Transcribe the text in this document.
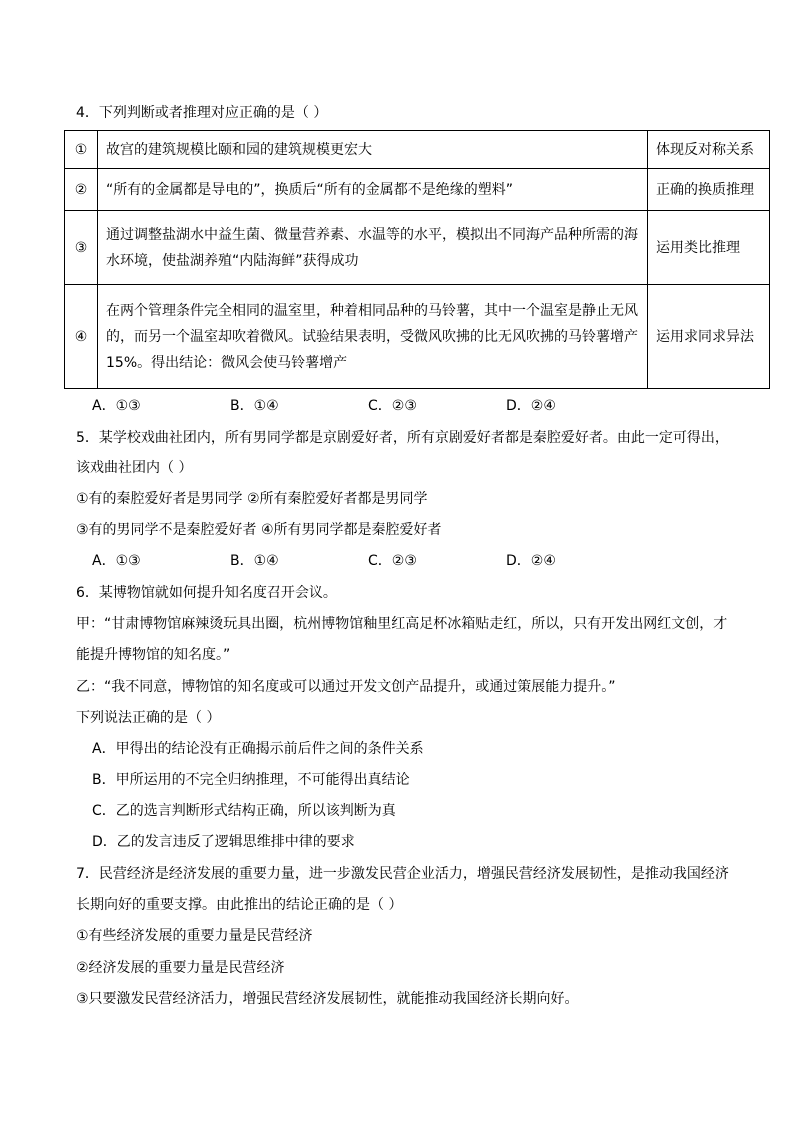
4．下列判断或者推理对应正确的是（ ）
①	故宫的建筑规模比颐和园的建筑规模更宏大	体现反对称关系
②	“所有的金属都是导电的”，换质后“所有的金属都不是绝缘的塑料”	正确的换质推理
③	通过调整盐湖水中益生菌、微量营养素、水温等的水平，模拟出不同海产品种所需的海水环境，使盐湖养殖“内陆海鲜”获得成功	运用类比推理
④	在两个管理条件完全相同的温室里，种着相同品种的马铃薯，其中一个温室是静止无风的，而另一个温室却吹着微风。试验结果表明，受微风吹拂的比无风吹拂的马铃薯增产15%。得出结论：微风会使马铃薯增产	运用求同求异法
A．①③	B．①④	C．②③	D．②④
5．某学校戏曲社团内，所有男同学都是京剧爱好者，所有京剧爱好者都是秦腔爱好者。由此一定可得出，
该戏曲社团内（ ）
①有的秦腔爱好者是男同学 ②所有秦腔爱好者都是男同学
③有的男同学不是秦腔爱好者 ④所有男同学都是秦腔爱好者
A．①③	B．①④	C．②③	D．②④
6．某博物馆就如何提升知名度召开会议。
甲：“甘肃博物馆麻辣烫玩具出圈，杭州博物馆釉里红高足杯冰箱贴走红，所以，只有开发出网红文创，才
能提升博物馆的知名度。”
乙：“我不同意，博物馆的知名度或可以通过开发文创产品提升，或通过策展能力提升。”
下列说法正确的是（ ）
A．甲得出的结论没有正确揭示前后件之间的条件关系
B．甲所运用的不完全归纳推理，不可能得出真结论
C．乙的选言判断形式结构正确，所以该判断为真
D．乙的发言违反了逻辑思维排中律的要求
7．民营经济是经济发展的重要力量，进一步激发民营企业活力，增强民营经济发展韧性，是推动我国经济
长期向好的重要支撑。由此推出的结论正确的是（ ）
①有些经济发展的重要力量是民营经济
②经济发展的重要力量是民营经济
③只要激发民营经济活力，增强民营经济发展韧性，就能推动我国经济长期向好。
